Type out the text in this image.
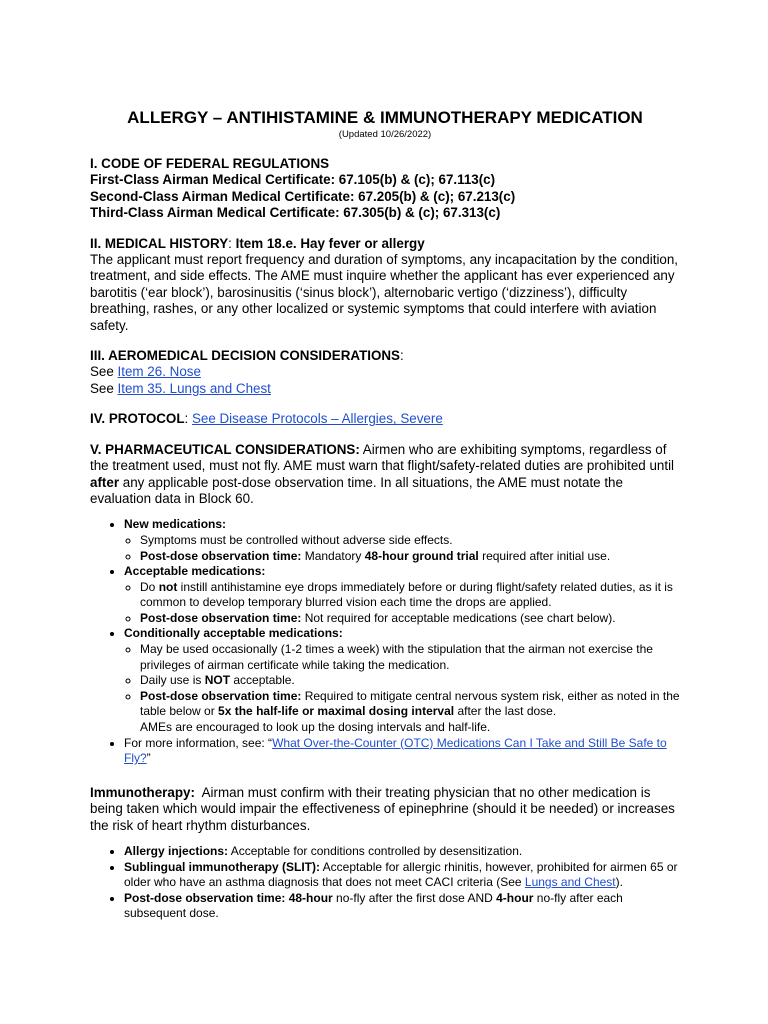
ALLERGY – ANTIHISTAMINE & IMMUNOTHERAPY MEDICATION

(Updated 10/26/2022)

I. CODE OF FEDERAL REGULATIONS

First-Class Airman Medical Certificate: 67.105(b) & (c); 67.113(c)

Second-Class Airman Medical Certificate: 67.205(b) & (c); 67.213(c)

Third-Class Airman Medical Certificate: 67.305(b) & (c); 67.313(c)

II. MEDICAL HISTORY: Item 18.e. Hay fever or allergy

The applicant must report frequency and duration of symptoms, any incapacitation by the condition, treatment, and side effects. The AME must inquire whether the applicant has ever experienced any barotitis (‘ear block’), barosinusitis (‘sinus block’), alternobaric vertigo (‘dizziness’), difficulty breathing, rashes, or any other localized or systemic symptoms that could interfere with aviation safety.

III. AEROMEDICAL DECISION CONSIDERATIONS:

See Item 26. Nose

See Item 35. Lungs and Chest

IV. PROTOCOL: See Disease Protocols – Allergies, Severe

V. PHARMACEUTICAL CONSIDERATIONS: Airmen who are exhibiting symptoms, regardless of the treatment used, must not fly. AME must warn that flight/safety-related duties are prohibited until after any applicable post-dose observation time. In all situations, the AME must notate the evaluation data in Block 60.

• New medications:
◦ Symptoms must be controlled without adverse side effects.
◦ Post-dose observation time: Mandatory 48-hour ground trial required after initial use.
• Acceptable medications:
◦ Do not instill antihistamine eye drops immediately before or during flight/safety related duties, as it is common to develop temporary blurred vision each time the drops are applied.
◦ Post-dose observation time: Not required for acceptable medications (see chart below).
• Conditionally acceptable medications:
◦ May be used occasionally (1-2 times a week) with the stipulation that the airman not exercise the privileges of airman certificate while taking the medication.
◦ Daily use is NOT acceptable.
◦ Post-dose observation time: Required to mitigate central nervous system risk, either as noted in the table below or 5x the half-life or maximal dosing interval after the last dose.
AMEs are encouraged to look up the dosing intervals and half-life.
• For more information, see: “What Over-the-Counter (OTC) Medications Can I Take and Still Be Safe to Fly?”

Immunotherapy:  Airman must confirm with their treating physician that no other medication is being taken which would impair the effectiveness of epinephrine (should it be needed) or increases the risk of heart rhythm disturbances.

• Allergy injections: Acceptable for conditions controlled by desensitization.
• Sublingual immunotherapy (SLIT): Acceptable for allergic rhinitis, however, prohibited for airmen 65 or older who have an asthma diagnosis that does not meet CACI criteria (See Lungs and Chest).
• Post-dose observation time: 48-hour no-fly after the first dose AND 4-hour no-fly after each subsequent dose.
